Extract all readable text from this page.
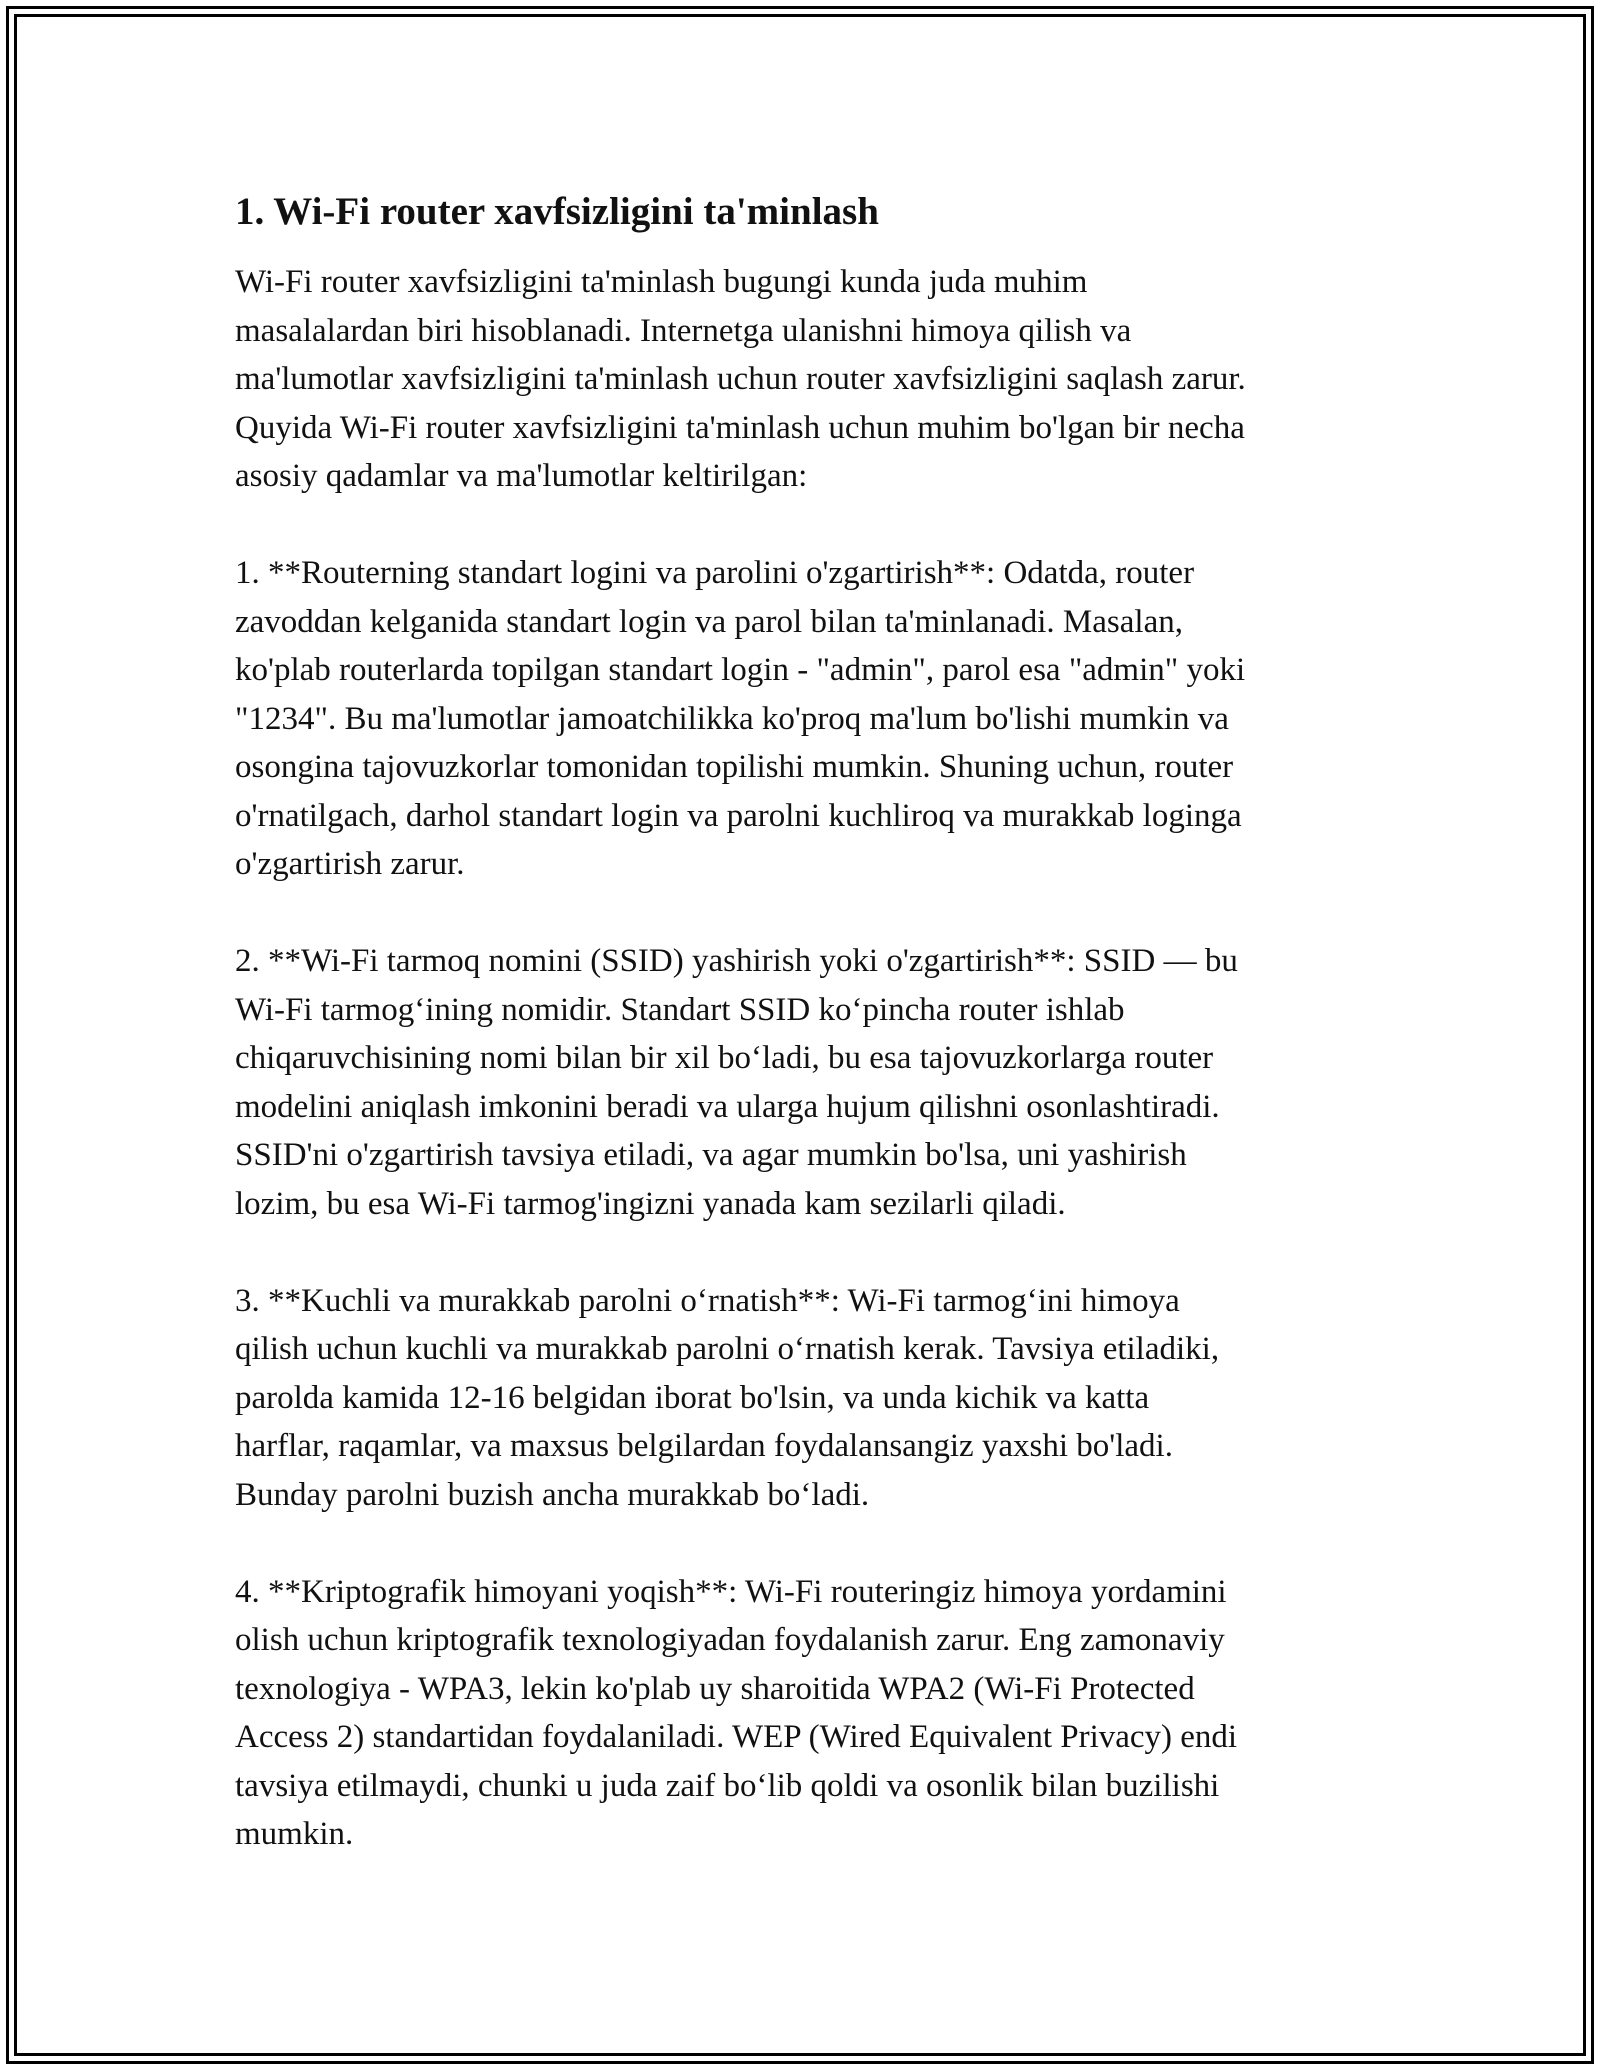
1. Wi-Fi router xavfsizligini ta'minlash

Wi-Fi router xavfsizligini ta'minlash bugungi kunda juda muhim
masalalardan biri hisoblanadi. Internetga ulanishni himoya qilish va
ma'lumotlar xavfsizligini ta'minlash uchun router xavfsizligini saqlash zarur.
Quyida Wi-Fi router xavfsizligini ta'minlash uchun muhim bo'lgan bir necha
asosiy qadamlar va ma'lumotlar keltirilgan:

1. **Routerning standart loginі va parolini o'zgartirish**: Odatda, router
zavoddan kelganida standart login va parol bilan ta'minlanadi. Masalan,
ko'plab routerlarda topilgan standart login - "admin", parol esa "admin" yoki
"1234". Bu ma'lumotlar jamoatchilikka ko'proq ma'lum bo'lishi mumkin va
osongina tajovuzkorlar tomonidan topilishi mumkin. Shuning uchun, router
o'rnatilgach, darhol standart login va parolni kuchliroq va murakkab loginga
o'zgartirish zarur.

2. **Wi-Fi tarmoq nomini (SSID) yashirish yoki o'zgartirish**: SSID — bu
Wi-Fi tarmog‘ining nomidir. Standart SSID ko‘pincha router ishlab
chiqaruvchisining nomi bilan bir xil bo‘ladi, bu esa tajovuzkorlarga router
modelini aniqlash imkonini beradi va ularga hujum qilishni osonlashtiradi.
SSID'ni o'zgartirish tavsiya etiladi, va agar mumkin bo'lsa, uni yashirish
lozim, bu esa Wi-Fi tarmog'ingizni yanada kam sezilarli qiladi.

3. **Kuchli va murakkab parolni o‘rnatish**: Wi-Fi tarmog‘ini himoya
qilish uchun kuchli va murakkab parolni o‘rnatish kerak. Tavsiya etiladiki,
parolda kamida 12-16 belgidan iborat bo'lsin, va unda kichik va katta
harflar, raqamlar, va maxsus belgilardan foydalansangiz yaxshi bo'ladi.
Bunday parolni buzish ancha murakkab bo‘ladi.

4. **Kriptografik himoyani yoqish**: Wi-Fi routeringiz himoya yordamini
olish uchun kriptografik texnologiyadan foydalanish zarur. Eng zamonaviy
texnologiya - WPA3, lekin ko'plab uy sharoitida WPA2 (Wi-Fi Protected
Access 2) standartidan foydalaniladi. WEP (Wired Equivalent Privacy) endi
tavsiya etilmaydi, chunki u juda zaif bo‘lib qoldi va osonlik bilan buzilishi
mumkin.
